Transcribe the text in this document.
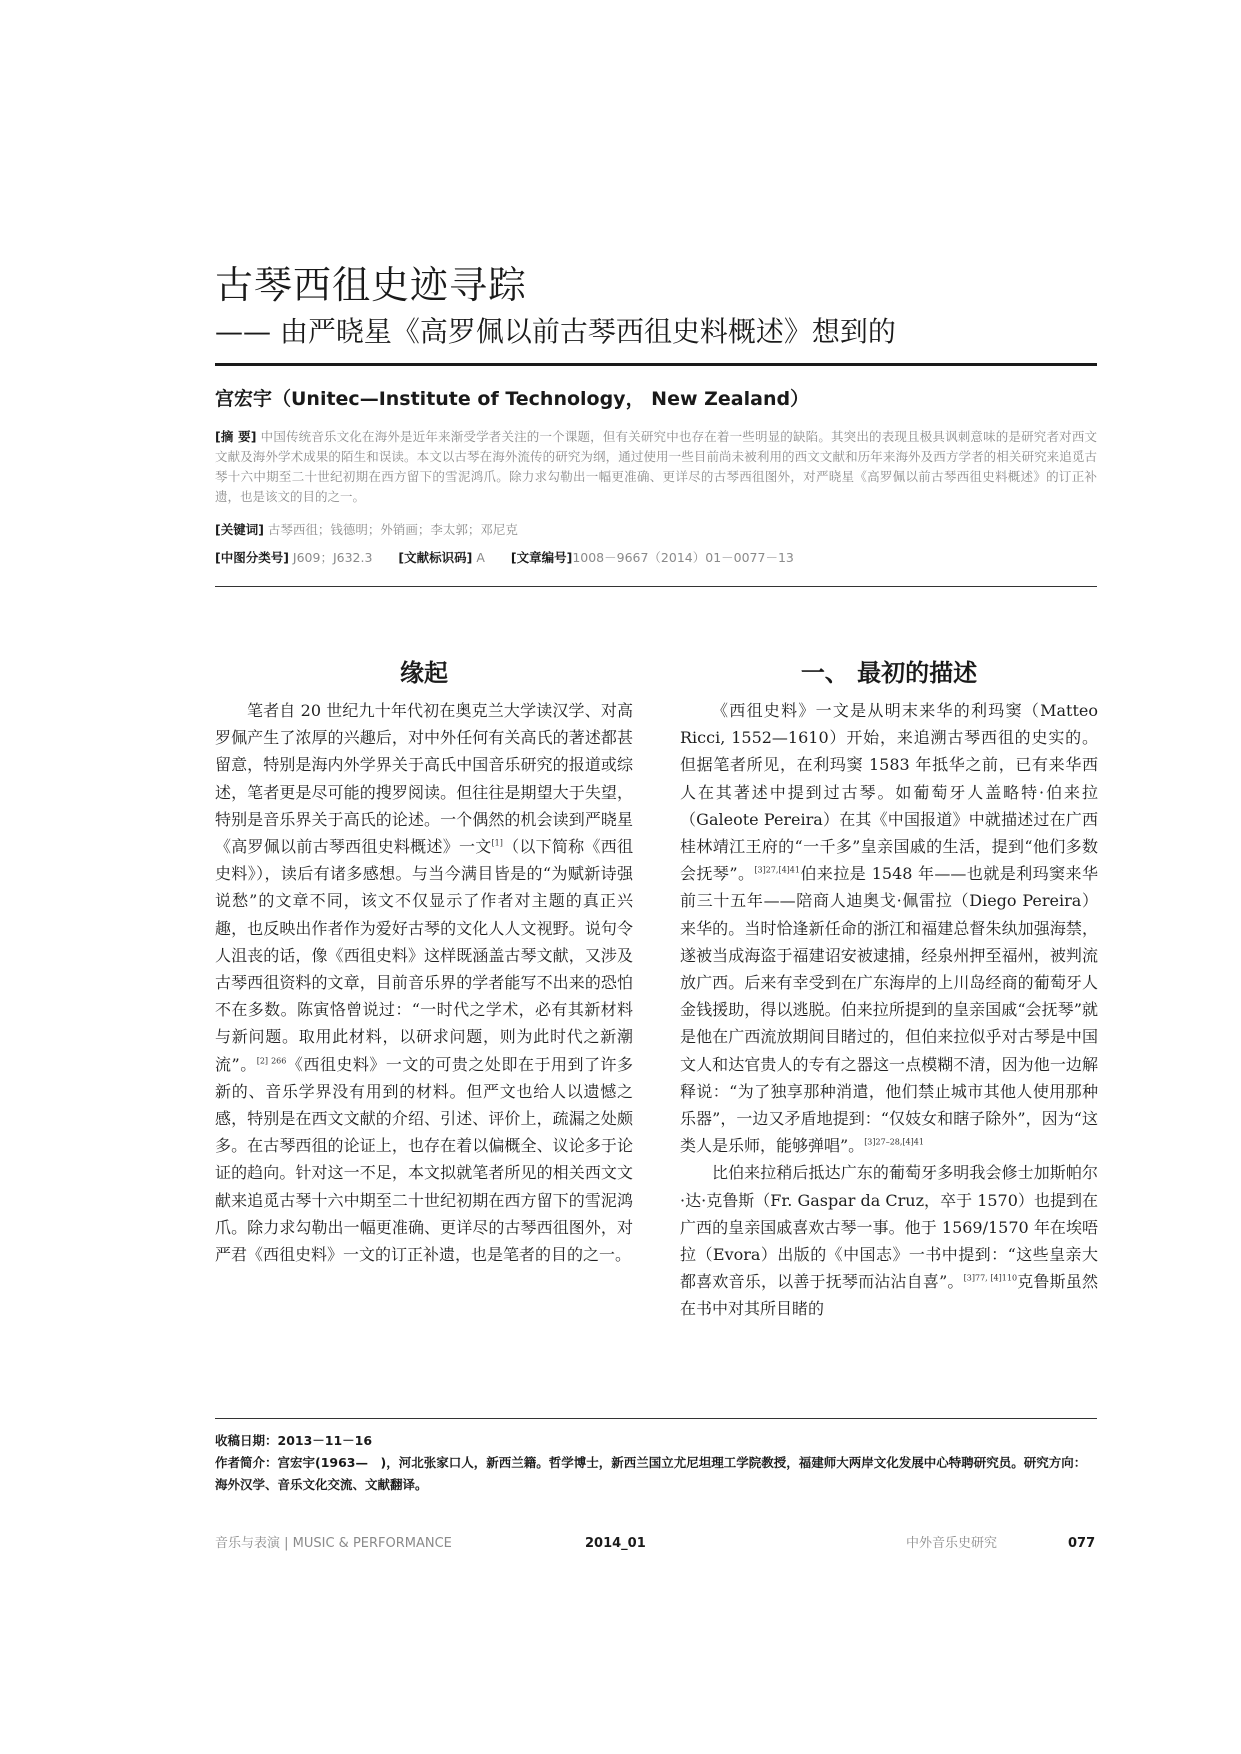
古琴西徂史迹寻踪
—— 由严晓星《高罗佩以前古琴西徂史料概述》想到的
宫宏宇（Unitec—Institute of Technology， New Zealand）
[摘 要] 中国传统音乐文化在海外是近年来渐受学者关注的一个课题，但有关研究中也存在着一些明显的缺陷。其突出的表现且极具讽刺意味的是研究者对西文文献及海外学术成果的陌生和误读。本文以古琴在海外流传的研究为纲，通过使用一些目前尚未被利用的西文文献和历年来海外及西方学者的相关研究来追觅古琴十六中期至二十世纪初期在西方留下的雪泥鸿爪。除力求勾勒出一幅更准确、更详尽的古琴西徂图外，对严晓星《高罗佩以前古琴西徂史料概述》的订正补遗，也是该文的目的之一。
[关键词] 古琴西徂；钱德明；外销画；李太郭；邓尼克
[中图分类号] J609；J632.3 [文献标识码] A [文章编号]1008－9667（2014）01－0077－13
缘起

笔者自 20 世纪九十年代初在奥克兰大学读汉学、对高罗佩产生了浓厚的兴趣后，对中外任何有关高氏的著述都甚留意，特别是海内外学界关于高氏中国音乐研究的报道或综述，笔者更是尽可能的搜罗阅读。但往往是期望大于失望，特别是音乐界关于高氏的论述。一个偶然的机会读到严晓星《高罗佩以前古琴西徂史料概述》一文[1]（以下简称《西徂史料》），读后有诸多感想。与当今满目皆是的“为赋新诗强说愁”的文章不同，该文不仅显示了作者对主题的真正兴趣，也反映出作者作为爱好古琴的文化人人文视野。说句令人沮丧的话，像《西徂史料》这样既涵盖古琴文献，又涉及古琴西徂资料的文章，目前音乐界的学者能写不出来的恐怕不在多数。陈寅恪曾说过：“一时代之学术，必有其新材料与新问题。取用此材料，以研求问题，则为此时代之新潮流”。$^{[2] 266}$《西徂史料》一文的可贵之处即在于用到了许多新的、音乐学界没有用到的材料。但严文也给人以遗憾之感，特别是在西文文献的介绍、引述、评价上，疏漏之处颇多。在古琴西徂的论证上，也存在着以偏概全、议论多于论证的趋向。针对这一不足，本文拟就笔者所见的相关西文文献来追觅古琴十六中期至二十世纪初期在西方留下的雪泥鸿爪。除力求勾勒出一幅更准确、更详尽的古琴西徂图外，对严君《西徂史料》一文的订正补遗，也是笔者的目的之一。

一、 最初的描述

《西徂史料》一文是从明末来华的利玛窦（Matteo Ricci, 1552—1610）开始，来追溯古琴西徂的史实的。但据笔者所见，在利玛窦 1583 年抵华之前，已有来华西人在其著述中提到过古琴。如葡萄牙人盖略特·伯来拉（Galeote Pereira）在其《中国报道》中就描述过在广西桂林靖江王府的“一千多”皇亲国戚的生活，提到“他们多数会抚琴”。$^{[3]27,[4]41}$伯来拉是 1548 年——也就是利玛窦来华前三十五年——陪商人迪奥戈·佩雷拉（Diego Pereira）来华的。当时恰逢新任命的浙江和福建总督朱纨加强海禁，遂被当成海盗于福建诏安被逮捕，经泉州押至福州，被判流放广西。后来有幸受到在广东海岸的上川岛经商的葡萄牙人金钱援助，得以逃脱。伯来拉所提到的皇亲国戚“会抚琴”就是他在广西流放期间目睹过的，但伯来拉似乎对古琴是中国文人和达官贵人的专有之器这一点模糊不清，因为他一边解释说：“为了独享那种消遣，他们禁止城市其他人使用那种乐器”，一边又矛盾地提到：“仅妓女和瞎子除外”，因为“这类人是乐师，能够弹唱”。$^{[3]27-28,[4]41}$

比伯来拉稍后抵达广东的葡萄牙多明我会修士加斯帕尔·达·克鲁斯（Fr. Gaspar da Cruz，卒于 1570）也提到在广西的皇亲国戚喜欢古琴一事。他于 1569/1570 年在埃唔拉（Evora）出版的《中国志》一书中提到：“这些皇亲大都喜欢音乐，以善于抚琴而沾沾自喜”。$^{[3]77, [4]110}$克鲁斯虽然在书中对其所目睹的

收稿日期：2013－11－16
作者简介：宫宏宇(1963—　)，河北张家口人，新西兰籍。哲学博士，新西兰国立尤尼坦理工学院教授，福建师大两岸文化发展中心特聘研究员。研究方向：海外汉学、音乐文化交流、文献翻译。
音乐与表演 | MUSIC & PERFORMANCE	2014_01	中外音乐史研究	077
